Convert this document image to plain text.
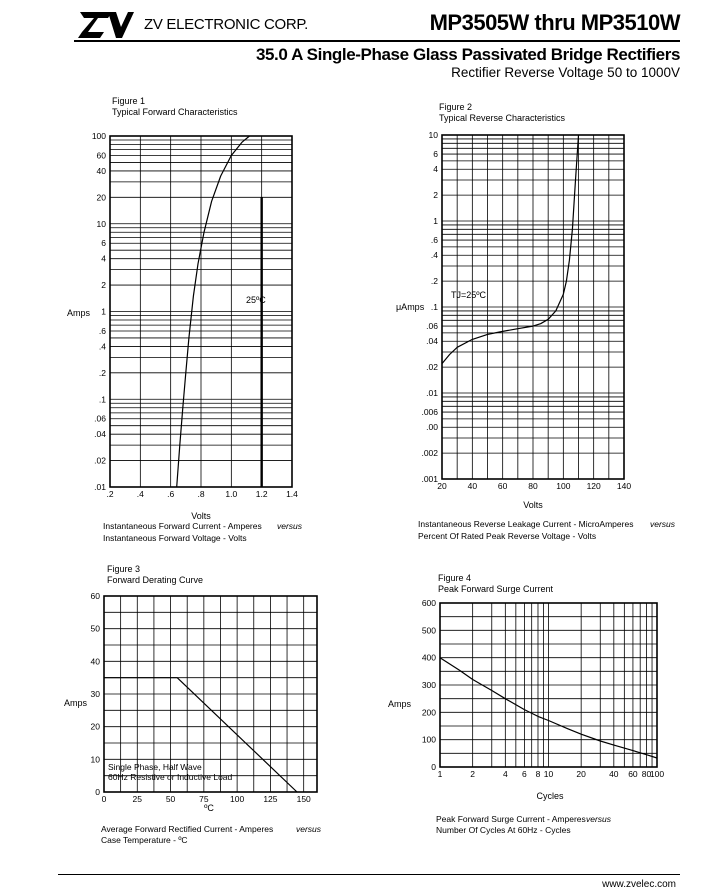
ZV ELECTRONIC CORP.	MP3505W thru MP3510W
35.0 A Single-Phase Glass Passivated Bridge Rectifiers
Rectifier Reverse Voltage 50 to 1000V
Figure 1
Typical Forward Characteristics
.2	.4	.6	.8 1.0 1.2 1.4
.01
.02
.04
.06
.1
.2
.4
.6
1
2
4
6
10
20
40
60
100
Volts
Amps
Instantaneous Forward Current - Amperes versus
Instantaneous Forward Voltage - Volts
Figure 2
Typical Reverse Characteristics
20 40 60 80 100 120 140
.001
.002
.00
.006
.01
.02
.04
.06
.1
.2
.4
.6
1
2
4
6
10
Volts
μAmps
Instantaneous Reverse Leakage Current - MicroAmperes versus
Percent Of Rated Peak Reverse Voltage - Volts
Figure 3
Forward Derating Curve
0	25	50	75	100 125 150
0
10
20
30
40
50
60
ºC
Amps
Average Forward Rectified Current - Amperes	versus
Case Temperature - ºC
Figure 4
Peak Forward Surge Current
1	2	4 6 8 10	20	40 60 80
100
0
100
200
300
400
500
600
Cycles
Amps
Peak Forward Surge Current - Amperes versus
Number Of Cycles At 60Hz - Cycles
25ºC	TJ=25ºC
Single Phase, Half Wave
60Hz Resistive or Inductive Load
www.zvelec.com
